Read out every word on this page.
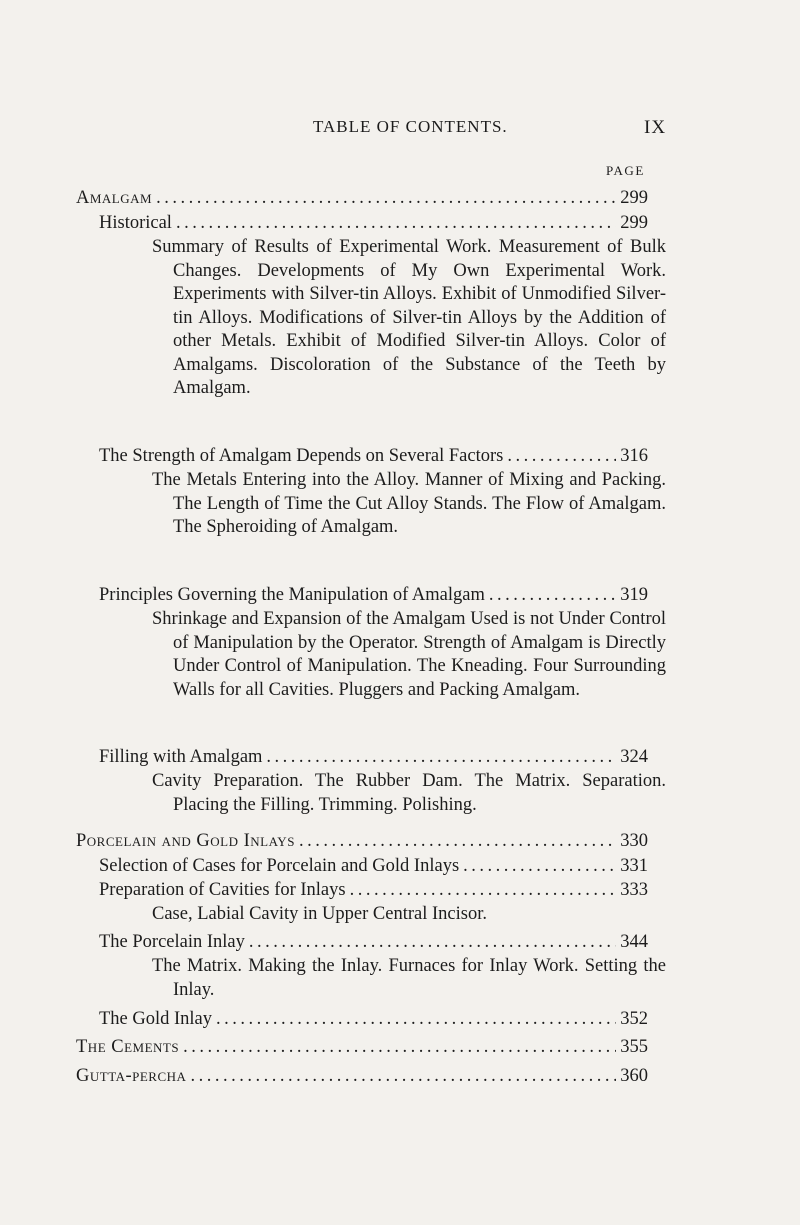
TABLE OF CONTENTS.	IX
PAGE
Amalgam .....	299
Historical .....	299
Summary of Results of Experimental Work. Measurement of Bulk Changes. Developments of My Own Experimental Work. Experiments with Silver-tin Alloys. Exhibit of Unmodified Silver-tin Alloys. Modifications of Silver-tin Alloys by the Addition of other Metals. Exhibit of Modified Silver-tin Alloys. Color of Amalgams. Discoloration of the Substance of the Teeth by Amalgam.
The Strength of Amalgam Depends on Several Factors .....	316
The Metals Entering into the Alloy. Manner of Mixing and Packing. The Length of Time the Cut Alloy Stands. The Flow of Amalgam. The Spheroiding of Amalgam.
Principles Governing the Manipulation of Amalgam .....	319
Shrinkage and Expansion of the Amalgam Used is not Under Control of Manipulation by the Operator. Strength of Amalgam is Directly Under Control of Manipulation. The Kneading. Four Surrounding Walls for all Cavities. Pluggers and Packing Amalgam.
Filling with Amalgam .....	324
Cavity Preparation. The Rubber Dam. The Matrix. Separation. Placing the Filling. Trimming. Polishing.
Porcelain and Gold Inlays .....	330
Selection of Cases for Porcelain and Gold Inlays .....	331
Preparation of Cavities for Inlays .....	333
Case, Labial Cavity in Upper Central Incisor.
The Porcelain Inlay .....	344
The Matrix. Making the Inlay. Furnaces for Inlay Work. Setting the Inlay.
The Gold Inlay .....	352
The Cements .....	355
Gutta-percha .....	360
